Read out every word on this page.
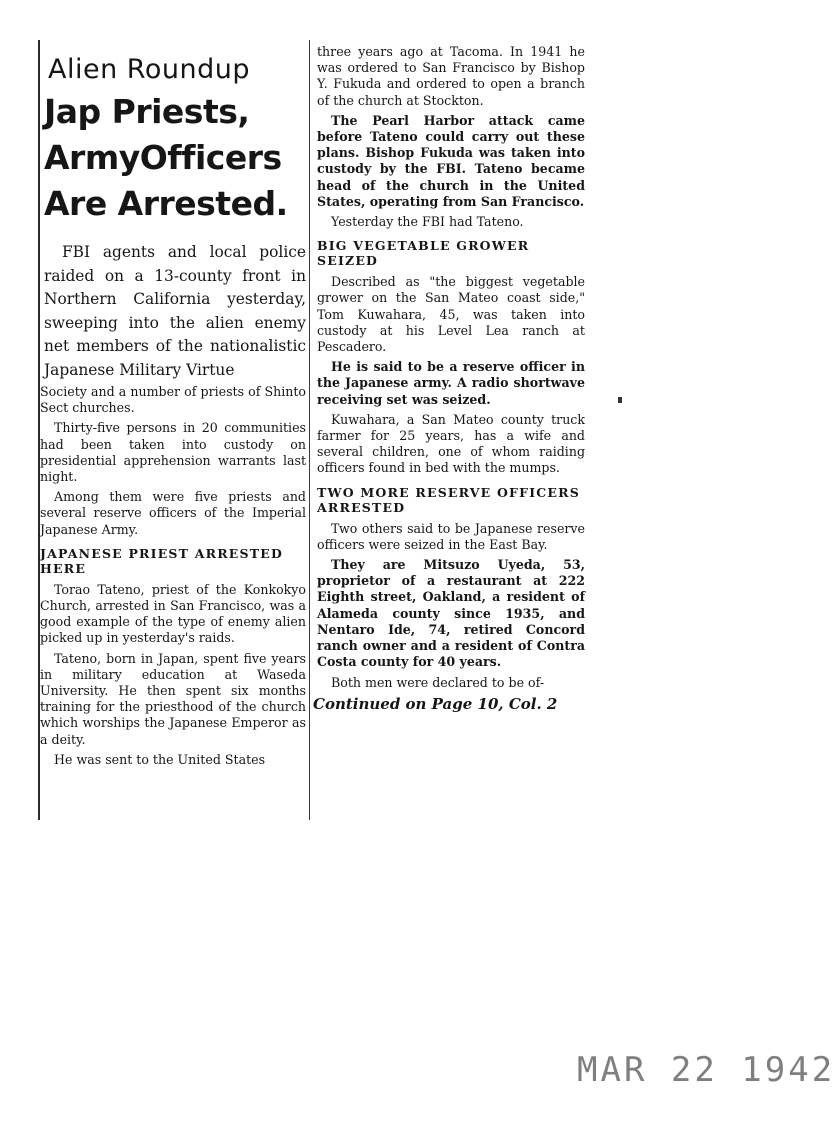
Alien Roundup
Jap Priests,
ArmyOfficers
Are Arrested.

FBI agents and local police raided on a 13-county front in Northern California yesterday, sweeping into the alien enemy net members of the nationalistic Japanese Military Virtue

Society and a number of priests of Shinto Sect churches.

Thirty-five persons in 20 communities had been taken into custody on presidential apprehension warrants last night.

Among them were five priests and several reserve officers of the Imperial Japanese Army.

JAPANESE PRIEST ARRESTED HERE

Torao Tateno, priest of the Konkokyo Church, arrested in San Francisco, was a good example of the type of enemy alien picked up in yesterday's raids.

Tateno, born in Japan, spent five years in military education at Waseda University. He then spent six months training for the priesthood of the church which worships the Japanese Emperor as a deity.

He was sent to the United States

three years ago at Tacoma. In 1941 he was ordered to San Francisco by Bishop Y. Fukuda and ordered to open a branch of the church at Stockton.

The Pearl Harbor attack came before Tateno could carry out these plans. Bishop Fukuda was taken into custody by the FBI. Tateno became head of the church in the United States, operating from San Francisco.

Yesterday the FBI had Tateno.

BIG VEGETABLE GROWER SEIZED

Described as "the biggest vegetable grower on the San Mateo coast side," Tom Kuwahara, 45, was taken into custody at his Level Lea ranch at Pescadero.

He is said to be a reserve officer in the Japanese army. A radio shortwave receiving set was seized.

Kuwahara, a San Mateo county truck farmer for 25 years, has a wife and several children, one of whom raiding officers found in bed with the mumps.

TWO MORE RESERVE OFFICERS ARRESTED

Two others said to be Japanese reserve officers were seized in the East Bay.

They are Mitsuzo Uyeda, 53, proprietor of a restaurant at 222 Eighth street, Oakland, a resident of Alameda county since 1935, and Nentaro Ide, 74, retired Concord ranch owner and a resident of Contra Costa county for 40 years.

Both men were declared to be of-

Continued on Page 10, Col. 2
MAR 22 1942
